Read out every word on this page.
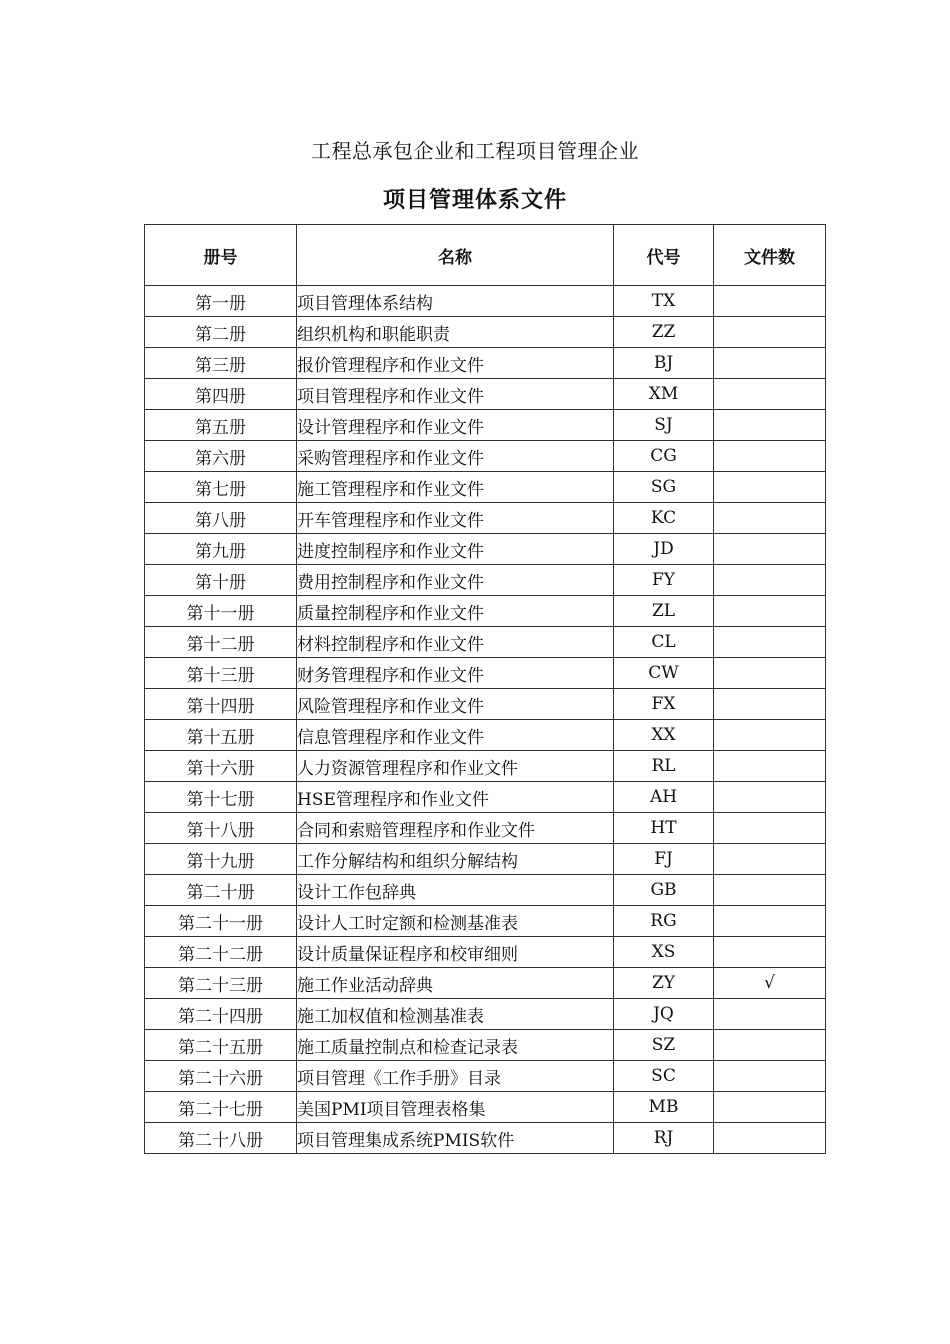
工程总承包企业和工程项目管理企业
项目管理体系文件
册号	名称	代号	文件数
第一册	项目管理体系结构	TX	
第二册	组织机构和职能职责	ZZ	
第三册	报价管理程序和作业文件	BJ	
第四册	项目管理程序和作业文件	XM	
第五册	设计管理程序和作业文件	SJ	
第六册	采购管理程序和作业文件	CG	
第七册	施工管理程序和作业文件	SG	
第八册	开车管理程序和作业文件	KC	
第九册	进度控制程序和作业文件	JD	
第十册	费用控制程序和作业文件	FY	
第十一册	质量控制程序和作业文件	ZL	
第十二册	材料控制程序和作业文件	CL	
第十三册	财务管理程序和作业文件	CW	
第十四册	风险管理程序和作业文件	FX	
第十五册	信息管理程序和作业文件	XX	
第十六册	人力资源管理程序和作业文件	RL	
第十七册	HSE管理程序和作业文件	AH	
第十八册	合同和索赔管理程序和作业文件	HT	
第十九册	工作分解结构和组织分解结构	FJ	
第二十册	设计工作包辞典	GB	
第二十一册	设计人工时定额和检测基准表	RG	
第二十二册	设计质量保证程序和校审细则	XS	
第二十三册	施工作业活动辞典	ZY	√
第二十四册	施工加权值和检测基准表	JQ	
第二十五册	施工质量控制点和检查记录表	SZ	
第二十六册	项目管理《工作手册》目录	SC	
第二十七册	美国PMI项目管理表格集	MB	
第二十八册	项目管理集成系统PMIS软件	RJ	
